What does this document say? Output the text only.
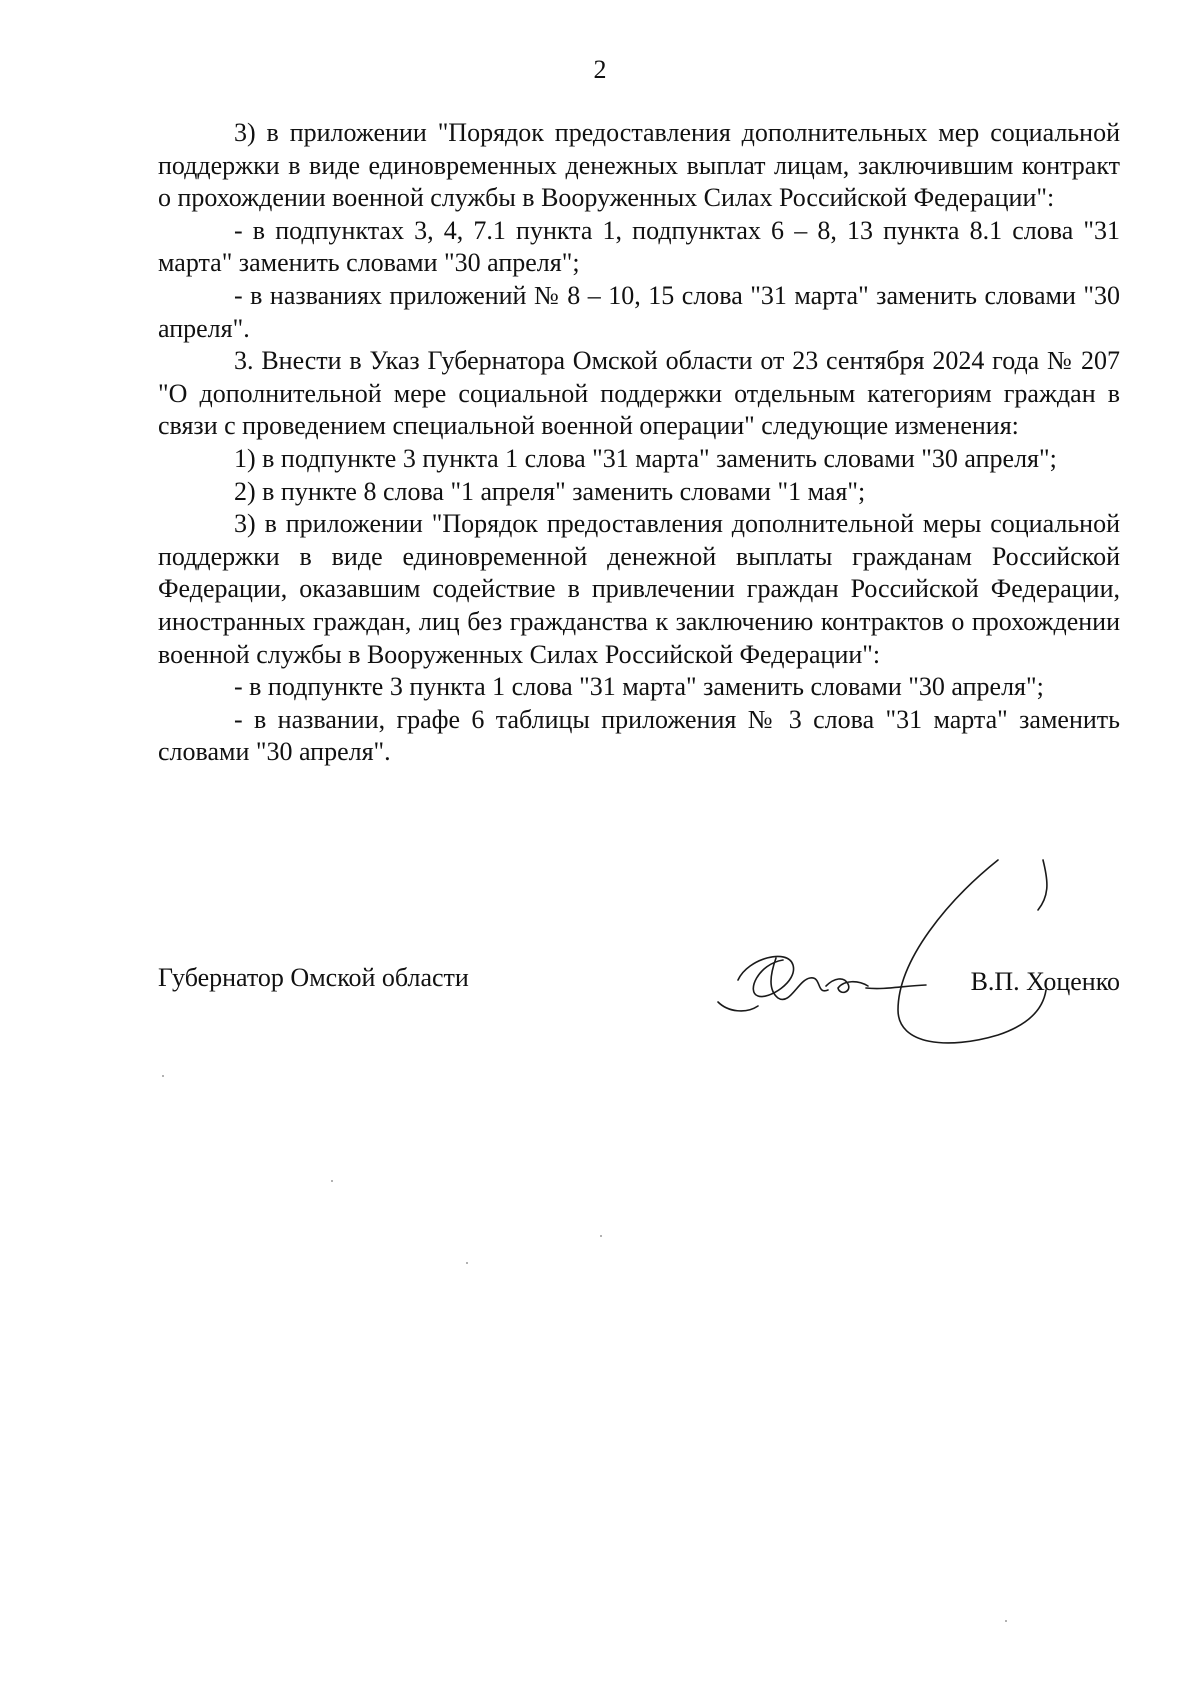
2

3) в приложении "Порядок предоставления дополнительных мер социальной поддержки в виде единовременных денежных выплат лицам, заключившим контракт о прохождении военной службы в Вооруженных Силах Российской Федерации":

- в подпунктах 3, 4, 7.1 пункта 1, подпунктах 6 – 8, 13 пункта 8.1 слова "31 марта" заменить словами "30 апреля";

- в названиях приложений № 8 – 10, 15 слова "31 марта" заменить словами "30 апреля".

3. Внести в Указ Губернатора Омской области от 23 сентября 2024 года № 207 "О дополнительной мере социальной поддержки отдельным категориям граждан в связи с проведением специальной военной операции" следующие изменения:

1) в подпункте 3 пункта 1 слова "31 марта" заменить словами "30 апреля";

2) в пункте 8 слова "1 апреля" заменить словами "1 мая";

3) в приложении "Порядок предоставления дополнительной меры социальной поддержки в виде единовременной денежной выплаты гражданам Российской Федерации, оказавшим содействие в привлечении граждан Российской Федерации, иностранных граждан, лиц без гражданства к заключению контрактов о прохождении военной службы в Вооруженных Силах Российской Федерации":

- в подпункте 3 пункта 1 слова "31 марта" заменить словами "30 апреля";

- в названии, графе 6 таблицы приложения № 3 слова "31 марта" заменить словами "30 апреля".

Губернатор Омской области	В.П. Хоценко
